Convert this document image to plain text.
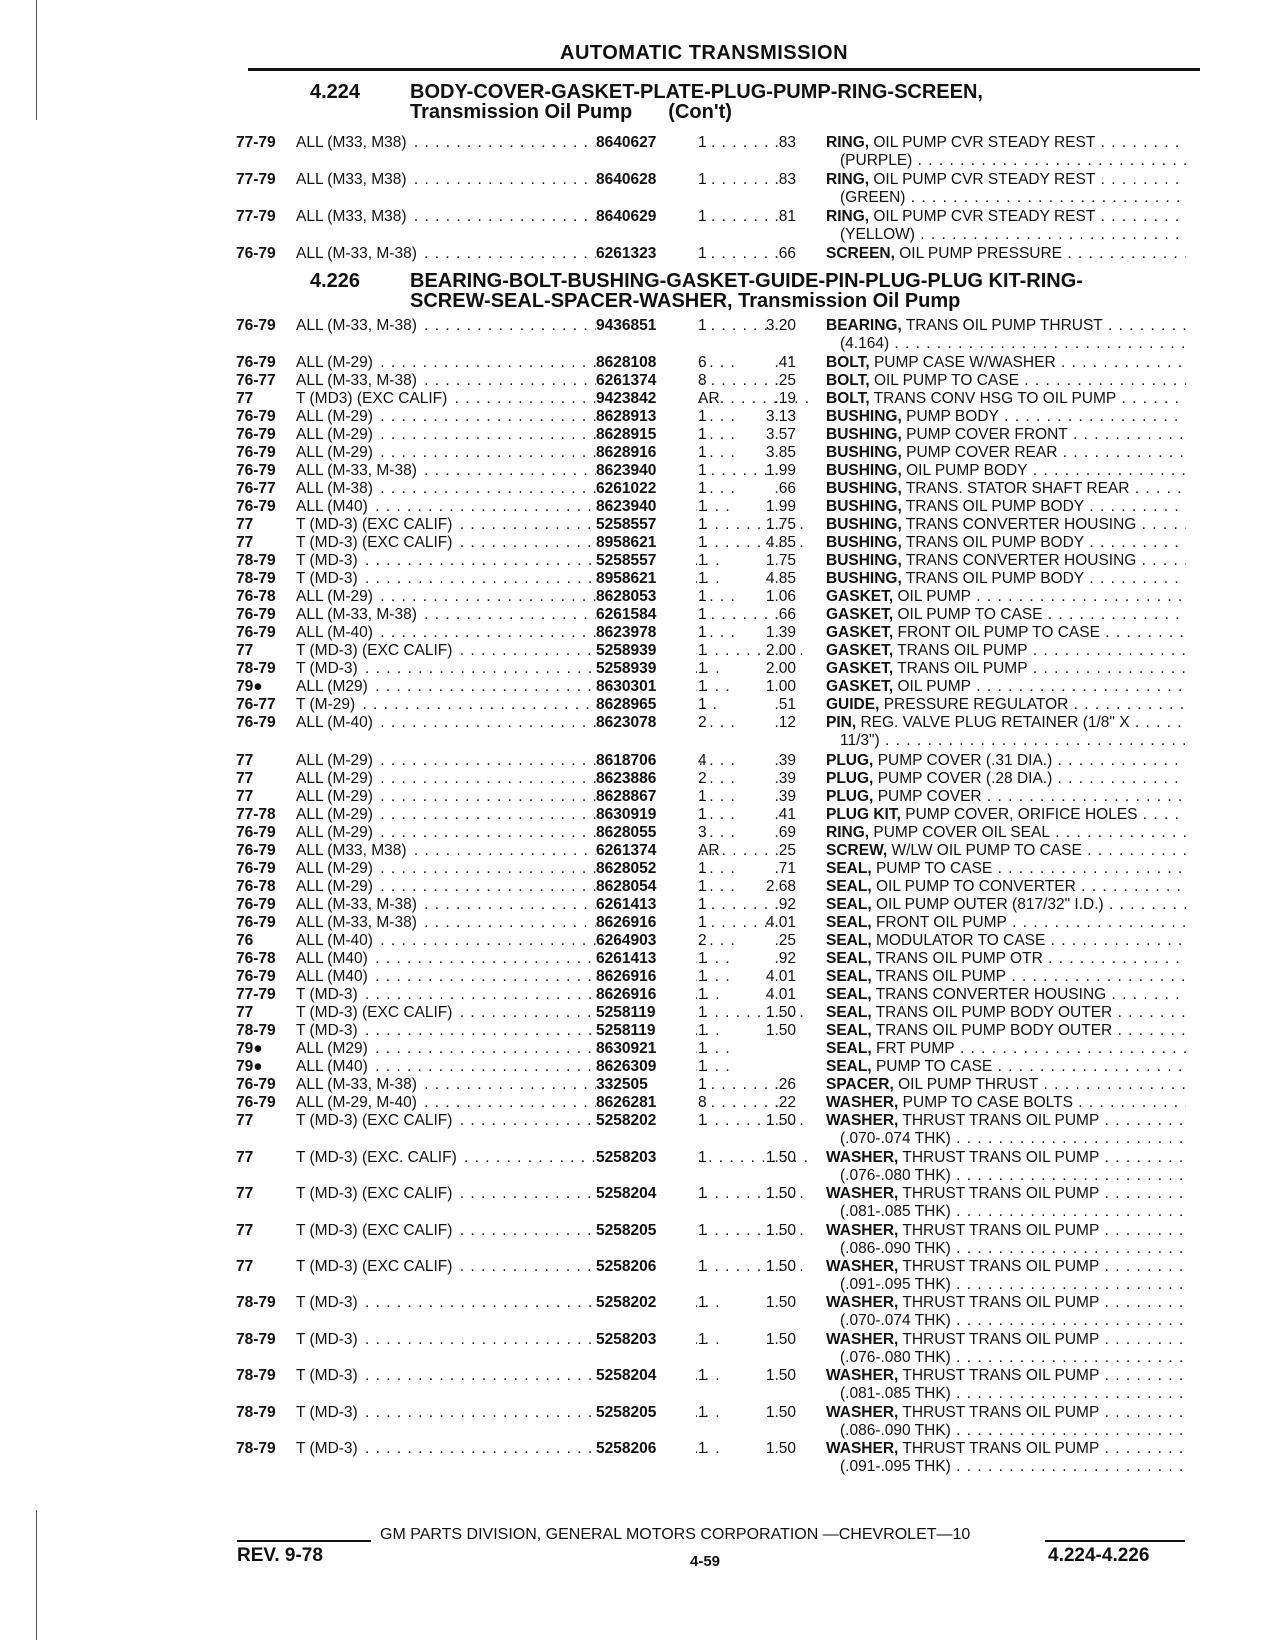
AUTOMATIC TRANSMISSION
4.224	BODY-COVER-GASKET-PLATE-PLUG-PUMP-RING-SCREEN,
Transmission Oil Pump (Con't)
4.226	BEARING-BOLT-BUSHING-GASKET-GUIDE-PIN-PLUG-PLUG KIT-RING-
SCREW-SEAL-SPACER-WASHER, Transmission Oil Pump
77-79	ALL (M33, M38) . . .	8640627	1	.83 RING, OIL PUMP CVR STEADY REST . . .
(PURPLE) . . .
77-79	ALL (M33, M38) . . .	8640628	1	.83 RING, OIL PUMP CVR STEADY REST . . .
(GREEN) . . .
77-79	ALL (M33, M38) . . .	8640629	1	.81 RING, OIL PUMP CVR STEADY REST . . .
(YELLOW) . . .
76-79	ALL (M-33, M-38) . . .	6261323	1	.66 SCREEN, OIL PUMP PRESSURE . . .
76-79	ALL (M-33, M-38) . . .	9436851	1	3.20 BEARING, TRANS OIL PUMP THRUST . . .
(4.164) . . .
76-79	ALL (M-29) . . .	8628108	6	.41 BOLT, PUMP CASE W/WASHER . . .
76-77	ALL (M-33, M-38) . . .	6261374	8	.25 BOLT, OIL PUMP TO CASE . . .
77	T (MD3) (EXC CALIF) . . .	9423842	AR	.19 BOLT, TRANS CONV HSG TO OIL PUMP . . .
76-79	ALL (M-29) . . .	8628913	1	3.13 BUSHING, PUMP BODY . . .
76-79	ALL (M-29) . . .	8628915	1	3.57 BUSHING, PUMP COVER FRONT . . .
76-79	ALL (M-29) . . .	8628916	1	3.85 BUSHING, PUMP COVER REAR . . .
76-79	ALL (M-33, M-38) . . .	8623940	1	1.99 BUSHING, OIL PUMP BODY . . .
76-77	ALL (M-38) . . .	6261022	1	.66 BUSHING, TRANS. STATOR SHAFT REAR . . .
76-79	ALL (M40) . . .	8623940	1	1.99 BUSHING, TRANS OIL PUMP BODY . . .
77	T (MD-3) (EXC CALIF) . . .	5258557	1	1.75 BUSHING, TRANS CONVERTER HOUSING . . .
77	T (MD-3) (EXC CALIF) . . .	8958621	1	4.85 BUSHING, TRANS OIL PUMP BODY . . .
78-79	T (MD-3) . . .	5258557	1	1.75 BUSHING, TRANS CONVERTER HOUSING . . .
78-79	T (MD-3) . . .	8958621	1	4.85 BUSHING, TRANS OIL PUMP BODY . . .
76-78	ALL (M-29) . . .	8628053	1	1.06 GASKET, OIL PUMP . . .
76-79	ALL (M-33, M-38) . . .	6261584	1	.66 GASKET, OIL PUMP TO CASE . . .
76-79	ALL (M-40) . . .	8623978	1	1.39 GASKET, FRONT OIL PUMP TO CASE . . .
77	T (MD-3) (EXC CALIF) . . .	5258939	1	2.00 GASKET, TRANS OIL PUMP . . .
78-79	T (MD-3) . . .	5258939	1	2.00 GASKET, TRANS OIL PUMP . . .
79●	ALL (M29) . . .	8630301	1	1.00 GASKET, OIL PUMP . . .
76-77	T (M-29) . . .	8628965	1	.51 GUIDE, PRESSURE REGULATOR . . .
76-79	ALL (M-40) . . .	8623078	2	.12 PIN, REG. VALVE PLUG RETAINER (1/8" X . . .
11/3") . . .
77	ALL (M-29) . . .	8618706	4	.39 PLUG, PUMP COVER (.31 DIA.) . . .
77	ALL (M-29) . . .	8623886	2	.39 PLUG, PUMP COVER (.28 DIA.) . . .
77	ALL (M-29) . . .	8628867	1	.39 PLUG, PUMP COVER . . .
77-78	ALL (M-29) . . .	8630919	1	.41 PLUG KIT, PUMP COVER, ORIFICE HOLES . . .
76-79	ALL (M-29) . . .	8628055	3	.69 RING, PUMP COVER OIL SEAL . . .
76-79	ALL (M33, M38) . . .	6261374	AR	.25 SCREW, W/LW OIL PUMP TO CASE . . .
76-79	ALL (M-29) . . .	8628052	1	.71 SEAL, PUMP TO CASE . . .
76-78	ALL (M-29) . . .	8628054	1	2.68 SEAL, OIL PUMP TO CONVERTER . . .
76-79	ALL (M-33, M-38) . . .	6261413	1	.92 SEAL, OIL PUMP OUTER (817/32" I.D.) . . .
76-79	ALL (M-33, M-38) . . .	8626916	1	4.01 SEAL, FRONT OIL PUMP . . .
76	ALL (M-40) . . .	6264903	2	.25 SEAL, MODULATOR TO CASE . . .
76-78	ALL (M40) . . .	6261413	1	.92 SEAL, TRANS OIL PUMP OTR . . .
76-79	ALL (M40) . . .	8626916	1	4.01 SEAL, TRANS OIL PUMP . . .
77-79	T (MD-3) . . .	8626916	1	4.01 SEAL, TRANS CONVERTER HOUSING . . .
77	T (MD-3) (EXC CALIF) . . .	5258119	1	1.50 SEAL, TRANS OIL PUMP BODY OUTER . . .
78-79	T (MD-3) . . .	5258119	1	1.50 SEAL, TRANS OIL PUMP BODY OUTER . . .
79●	ALL (M29) . . .	8630921	1	SEAL, FRT PUMP . . .
79●	ALL (M40) . . .	8626309	1	SEAL, PUMP TO CASE . . .
76-79	ALL (M-33, M-38) . . .	332505	1	.26 SPACER, OIL PUMP THRUST . . .
76-79	ALL (M-29, M-40) . . .	8626281	8	.22 WASHER, PUMP TO CASE BOLTS . . .
77	T (MD-3) (EXC CALIF) . . .	5258202	1	1.50 WASHER, THRUST TRANS OIL PUMP . . .
(.070-.074 THK) . . .
77	T (MD-3) (EXC. CALIF) . . .	5258203	1	1.50 WASHER, THRUST TRANS OIL PUMP . . .
(.076-.080 THK) . . .
77	T (MD-3) (EXC CALIF) . . .	5258204	1	1.50 WASHER, THRUST TRANS OIL PUMP . . .
(.081-.085 THK) . . .
77	T (MD-3) (EXC CALIF) . . .	5258205	1	1.50 WASHER, THRUST TRANS OIL PUMP . . .
(.086-.090 THK) . . .
77	T (MD-3) (EXC CALIF) . . .	5258206	1	1.50 WASHER, THRUST TRANS OIL PUMP . . .
(.091-.095 THK) . . .
78-79	T (MD-3) . . .	5258202	1	1.50 WASHER, THRUST TRANS OIL PUMP . . .
(.070-.074 THK) . . .
78-79	T (MD-3) . . .	5258203	1	1.50 WASHER, THRUST TRANS OIL PUMP . . .
(.076-.080 THK) . . .
78-79	T (MD-3) . . .	5258204	1	1.50 WASHER, THRUST TRANS OIL PUMP . . .
(.081-.085 THK) . . .
78-79	T (MD-3) . . .	5258205	1	1.50 WASHER, THRUST TRANS OIL PUMP . . .
(.086-.090 THK) . . .
78-79	T (MD-3) . . .	5258206	1	1.50 WASHER, THRUST TRANS OIL PUMP . . .
(.091-.095 THK) . . .
GM PARTS DIVISION, GENERAL MOTORS CORPORATION —CHEVROLET—10
REV. 9-78	4-59	4.224-4.226
